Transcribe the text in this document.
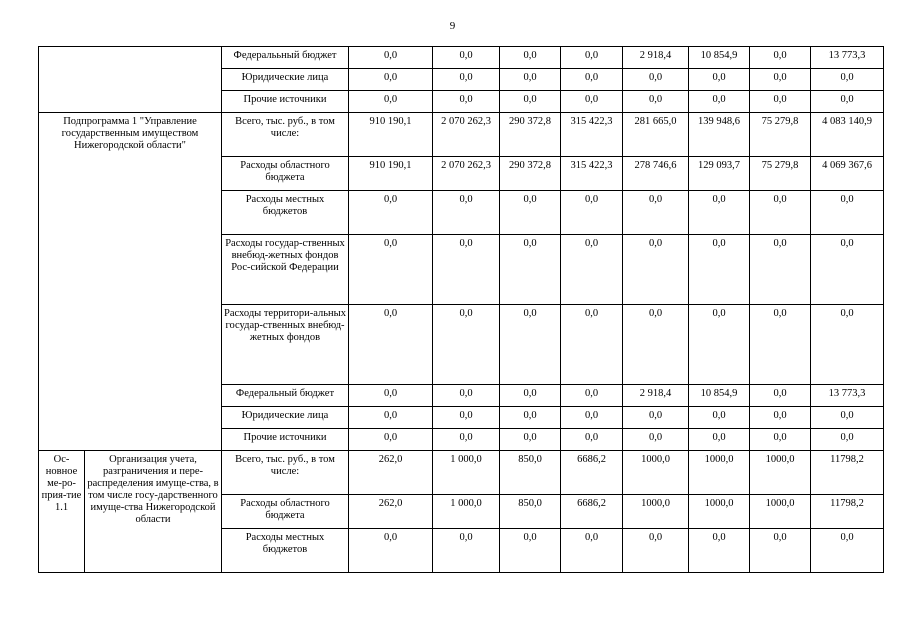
9
		Федералььный бюджет	0,0	0,0	0,0	0,0	2 918,4	10 854,9	0,0	13 773,3
		Юридические лица	0,0	0,0	0,0	0,0	0,0	0,0	0,0	0,0
		Прочие источники	0,0	0,0	0,0	0,0	0,0	0,0	0,0	0,0
Подпрограмма 1 "Управление государственным имуществом Нижегородской области"		Всего, тыс. руб., в том числе:	910 190,1	2 070 262,3	290 372,8	315 422,3	281 665,0	139 948,6	75 279,8	4 083 140,9
		Расходы областного бюджета	910 190,1	2 070 262,3	290 372,8	315 422,3	278 746,6	129 093,7	75 279,8	4 069 367,6
		Расходы местных бюджетов	0,0	0,0	0,0	0,0	0,0	0,0	0,0	0,0
		Расходы государ-ственных внебюд-жетных фондов Рос-сийской Федерации	0,0	0,0	0,0	0,0	0,0	0,0	0,0	0,0
		Расходы территори-альных государ-ственных внебюд-жетных фондов	0,0	0,0	0,0	0,0	0,0	0,0	0,0	0,0
		Федеральный бюджет	0,0	0,0	0,0	0,0	2 918,4	10 854,9	0,0	13 773,3
		Юридические лица	0,0	0,0	0,0	0,0	0,0	0,0	0,0	0,0
		Прочие источники	0,0	0,0	0,0	0,0	0,0	0,0	0,0	0,0
Ос-новное ме-ро-прия-тие 1.1	Организация учета, разграничения и пере-распределения имуще-ства, в том числе госу-дарственного имуще-ства Нижегородской области	Всего, тыс. руб., в том числе:	262,0	1 000,0	850,0	6686,2	1000,0	1000,0	1000,0	11798,2
		Расходы областного бюджета	262,0	1 000,0	850,0	6686,2	1000,0	1000,0	1000,0	11798,2
		Расходы местных бюджетов	0,0	0,0	0,0	0,0	0,0	0,0	0,0	0,0
